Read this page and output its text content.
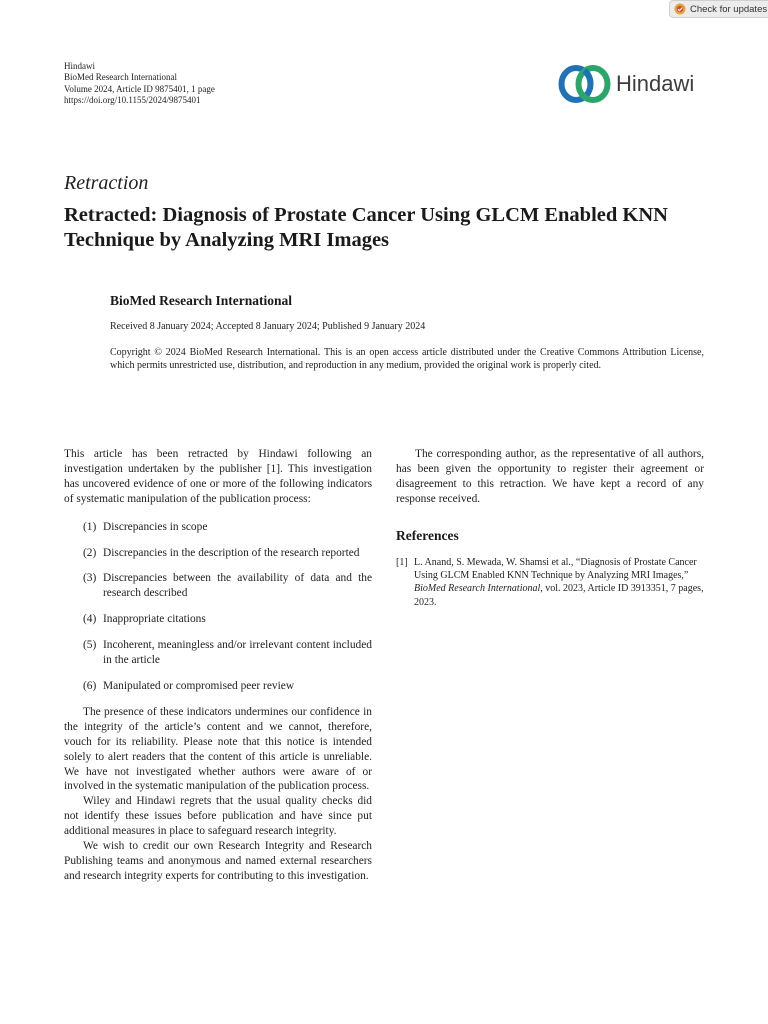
Check for updates
Hindawi
BioMed Research International
Volume 2024, Article ID 9875401, 1 page
https://doi.org/10.1155/2024/9875401
Hindawi
Retraction
Retracted: Diagnosis of Prostate Cancer Using GLCM Enabled KNN Technique by Analyzing MRI Images
BioMed Research International
Received 8 January 2024; Accepted 8 January 2024; Published 9 January 2024
Copyright © 2024 BioMed Research International. This is an open access article distributed under the Creative Commons Attribution License, which permits unrestricted use, distribution, and reproduction in any medium, provided the original work is properly cited.

This article has been retracted by Hindawi following an investigation undertaken by the publisher [1]. This investigation has uncovered evidence of one or more of the following indicators of systematic manipulation of the publication process:

(1) Discrepancies in scope
(2) Discrepancies in the description of the research reported
(3) Discrepancies between the availability of data and the research described
(4) Inappropriate citations
(5) Incoherent, meaningless and/or irrelevant content included in the article
(6) Manipulated or compromised peer review

The presence of these indicators undermines our confidence in the integrity of the article’s content and we cannot, therefore, vouch for its reliability. Please note that this notice is intended solely to alert readers that the content of this article is unreliable. We have not investigated whether authors were aware of or involved in the systematic manipulation of the publication process.

Wiley and Hindawi regrets that the usual quality checks did not identify these issues before publication and have since put additional measures in place to safeguard research integrity.

We wish to credit our own Research Integrity and Research Publishing teams and anonymous and named external researchers and research integrity experts for contributing to this investigation.

The corresponding author, as the representative of all authors, has been given the opportunity to register their agreement or disagreement to this retraction. We have kept a record of any response received.

References
[1] L. Anand, S. Mewada, W. Shamsi et al., “Diagnosis of Prostate Cancer Using GLCM Enabled KNN Technique by Analyzing MRI Images,” BioMed Research International, vol. 2023, Article ID 3913351, 7 pages, 2023.
